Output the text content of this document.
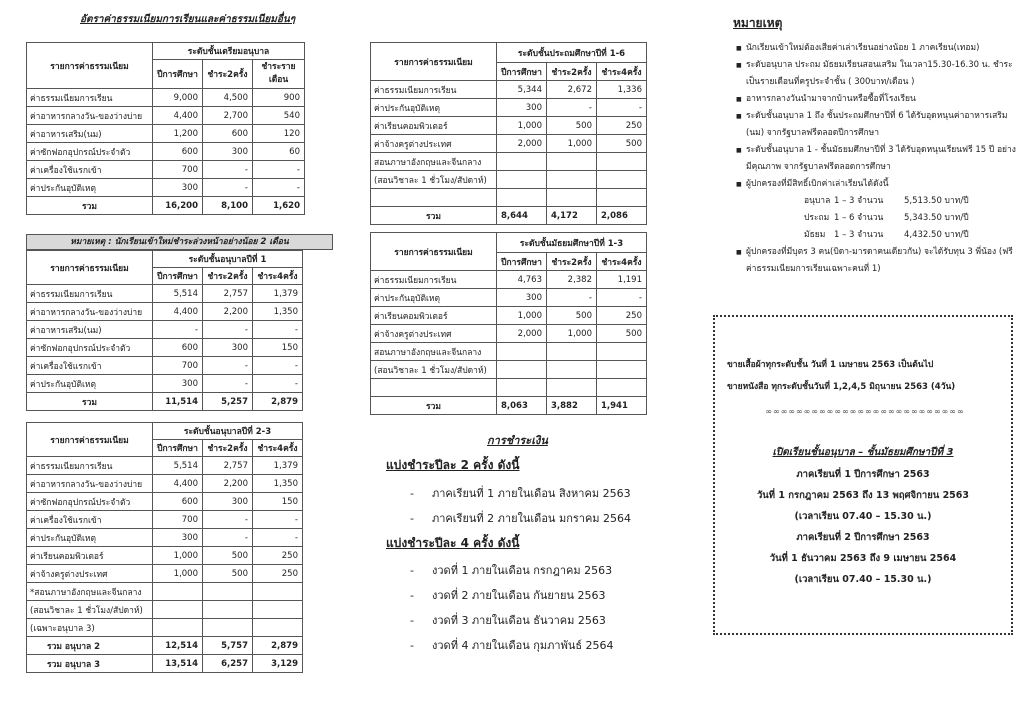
อัตราค่าธรรมเนียมการเรียนและค่าธรรมเนียมอื่นๆ
รายการค่าธรรมเนียม	ระดับชั้นเตรียมอนุบาล		
	ปีการศึกษา	ชำระ2ครั้ง	ชำระราย เดือน
ค่าธรรมเนียมการเรียน	9,000	4,500	900
ค่าอาหารกลางวัน-ของว่างบ่าย	4,400	2,700	540
ค่าอาหารเสริม(นม)	1,200	600	120
ค่าซักฟอกอุปกรณ์ประจำตัว	600	300	60
ค่าเครื่องใช้แรกเข้า	700	-	-
ค่าประกันอุบัติเหตุ	300	-	-
รวม	16,200	8,100	1,620
หมายเหตุ : นักเรียนเข้าใหม่ชำระล่วงหน้าอย่างน้อย 2 เดือน
รายการค่าธรรมเนียม	ระดับชั้นอนุบาลปีที่ 1		
	ปีการศึกษา	ชำระ2ครั้ง	ชำระ4ครั้ง
ค่าธรรมเนียมการเรียน	5,514	2,757	1,379
ค่าอาหารกลางวัน-ของว่างบ่าย	4,400	2,200	1,350
ค่าอาหารเสริม(นม)	-	-	-
ค่าซักฟอกอุปกรณ์ประจำตัว	600	300	150
ค่าเครื่องใช้แรกเข้า	700	-	-
ค่าประกันอุบัติเหตุ	300	-	-
รวม	11,514	5,257	2,879
รายการค่าธรรมเนียม	ระดับชั้นอนุบาลปีที่ 2-3		
	ปีการศึกษา	ชำระ2ครั้ง	ชำระ4ครั้ง
ค่าธรรมเนียมการเรียน	5,514	2,757	1,379
ค่าอาหารกลางวัน-ของว่างบ่าย	4,400	2,200	1,350
ค่าซักฟอกอุปกรณ์ประจำตัว	600	300	150
ค่าเครื่องใช้แรกเข้า	700	-	-
ค่าประกันอุบัติเหตุ	300	-	-
ค่าเรียนคอมพิวเตอร์	1,000	500	250
ค่าจ้างครูต่างประเทศ	1,000	500	250
*สอนภาษาอังกฤษและจีนกลาง			
(สอนวิชาละ 1 ชั่วโมง/สัปดาห์)			
(เฉพาะอนุบาล 3)			
รวม อนุบาล 2	12,514	5,757	2,879
รวม อนุบาล 3	13,514	6,257	3,129
รายการค่าธรรมเนียม	ระดับชั้นประถมศึกษาปีที่ 1-6		
	ปีการศึกษา	ชำระ2ครั้ง	ชำระ4ครั้ง
ค่าธรรมเนียมการเรียน	5,344	2,672	1,336
ค่าประกันอุบัติเหตุ	300	-	-
ค่าเรียนคอมพิวเตอร์	1,000	500	250
ค่าจ้างครูต่างประเทศ	2,000	1,000	500
สอนภาษาอังกฤษและจีนกลาง			
(สอนวิชาละ 1 ชั่วโมง/สัปดาห์)			

รวม	8,644	4,172	2,086
รายการค่าธรรมเนียม	ระดับชั้นมัธยมศึกษาปีที่ 1-3		
	ปีการศึกษา	ชำระ2ครั้ง	ชำระ4ครั้ง
ค่าธรรมเนียมการเรียน	4,763	2,382	1,191
ค่าประกันอุบัติเหตุ	300	-	-
ค่าเรียนคอมพิวเตอร์	1,000	500	250
ค่าจ้างครูต่างประเทศ	2,000	1,000	500
สอนภาษาอังกฤษและจีนกลาง			
(สอนวิชาละ 1 ชั่วโมง/สัปดาห์)			

รวม	8,063	3,882	1,941
การชำระเงิน
แบ่งชำระปีละ 2 ครั้ง ดังนี้
- ภาคเรียนที่ 1 ภายในเดือน สิงหาคม 2563
- ภาคเรียนที่ 2 ภายในเดือน มกราคม 2564
แบ่งชำระปีละ 4 ครั้ง ดังนี้
- งวดที่ 1 ภายในเดือน กรกฎาคม 2563
- งวดที่ 2 ภายในเดือน กันยายน 2563
- งวดที่ 3 ภายในเดือน ธันวาคม 2563
- งวดที่ 4 ภายในเดือน กุมภาพันธ์ 2564
หมายเหตุ
■ นักเรียนเข้าใหม่ต้องเสียค่าเล่าเรียนอย่างน้อย 1 ภาคเรียน(เทอม)
■ ระดับอนุบาล ประถม มัธยมเรียนสอนเสริม ในเวลา15.30-16.30 น. ชำระเป็นรายเดือนที่ครูประจำชั้น ( 300บาท/เดือน )
■ อาหารกลางวันนำมาจากบ้านหรือซื้อที่โรงเรียน
■ ระดับชั้นอนุบาล 1 ถึง ชั้นประถมศึกษาปีที่ 6 ได้รับอุดหนุนค่าอาหารเสริม (นม) จากรัฐบาลฟรีตลอดปีการศึกษา
■ ระดับชั้นอนุบาล 1 - ชั้นมัธยมศึกษาปีที่ 3 ได้รับอุดหนุนเรียนฟรี 15 ปี อย่างมีคุณภาพ จากรัฐบาลฟรีตลอดการศึกษา
■ ผู้ปกครองที่มีสิทธิ์เบิกค่าเล่าเรียนได้ดังนี้
อนุบาล 1 – 3 จำนวน 5,513.50 บาท/ปี
ประถม 1 – 6 จำนวน 5,343.50 บาท/ปี
มัธยม 1 – 3 จำนวน 4,432.50 บาท/ปี
■ ผู้ปกครองที่มีบุตร 3 คน(บิดา-มารดาคนเดียวกัน) จะได้รับทุน 3 พี่น้อง (ฟรีค่าธรรมเนียมการเรียนเฉพาะคนที่ 1)
ขายเสื้อผ้าทุกระดับชั้น วันที่ 1 เมษายน 2563 เป็นต้นไป
ขายหนังสือ ทุกระดับชั้นวันที่ 1,2,4,5 มิถุนายน 2563 (4วัน)
∞∞∞∞∞∞∞∞∞∞∞∞∞∞∞∞∞∞∞∞∞∞∞∞∞∞
เปิดเรียนชั้นอนุบาล – ชั้นมัธยมศึกษาปีที่ 3
ภาคเรียนที่ 1 ปีการศึกษา 2563
วันที่ 1 กรกฎาคม 2563 ถึง 13 พฤศจิกายน 2563
(เวลาเรียน 07.40 – 15.30 น.)
ภาคเรียนที่ 2 ปีการศึกษา 2563
วันที่ 1 ธันวาคม 2563 ถึง 9 เมษายน 2564
(เวลาเรียน 07.40 – 15.30 น.)
